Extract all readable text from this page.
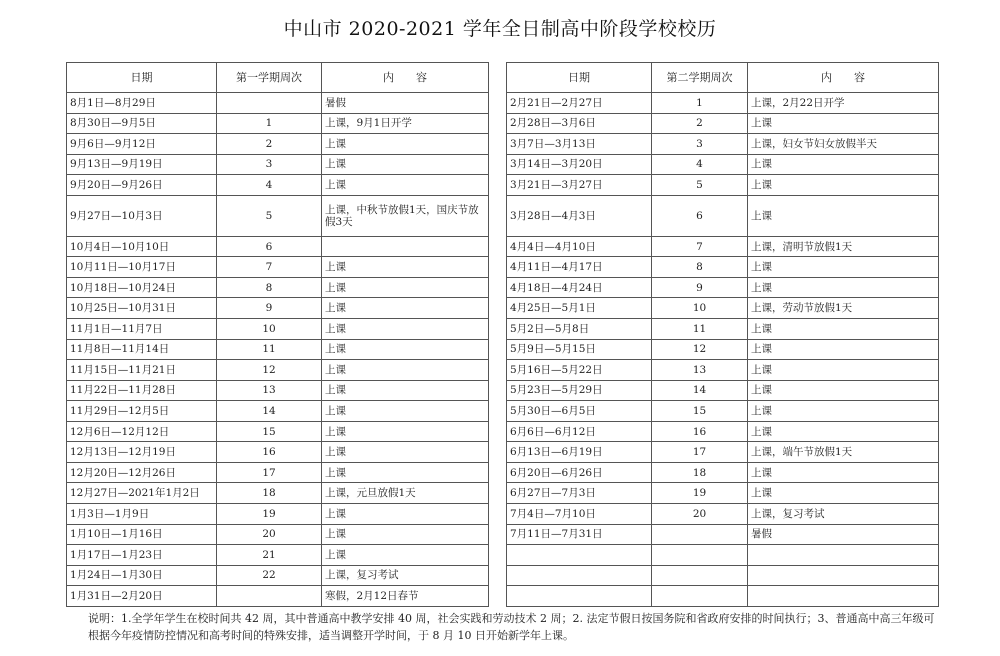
中山市 2020-2021 学年全日制高中阶段学校校历
日期	第一学期周次	内　　容		日期	第二学期周次	内　　容
8月1日—8月29日		暑假		2月21日—2月27日	1	上课，2月22日开学
8月30日—9月5日	1	上课，9月1日开学		2月28日—3月6日	2	上课
9月6日—9月12日	2	上课		3月7日—3月13日	3	上课，妇女节妇女放假半天
9月13日—9月19日	3	上课		3月14日—3月20日	4	上课
9月20日—9月26日	4	上课		3月21日—3月27日	5	上课
9月27日—10月3日	5	上课，中秋节放假1天，国庆节放假3天		3月28日—4月3日	6	上课
10月4日—10月10日	6			4月4日—4月10日	7	上课，清明节放假1天
10月11日—10月17日	7	上课		4月11日—4月17日	8	上课
10月18日—10月24日	8	上课		4月18日—4月24日	9	上课
10月25日—10月31日	9	上课		4月25日—5月1日	10	上课，劳动节放假1天
11月1日—11月7日	10	上课		5月2日—5月8日	11	上课
11月8日—11月14日	11	上课		5月9日—5月15日	12	上课
11月15日—11月21日	12	上课		5月16日—5月22日	13	上课
11月22日—11月28日	13	上课		5月23日—5月29日	14	上课
11月29日—12月5日	14	上课		5月30日—6月5日	15	上课
12月6日—12月12日	15	上课		6月6日—6月12日	16	上课
12月13日—12月19日	16	上课		6月13日—6月19日	17	上课，端午节放假1天
12月20日—12月26日	17	上课		6月20日—6月26日	18	上课
12月27日—2021年1月2日	18	上课，元旦放假1天		6月27日—7月3日	19	上课
1月3日—1月9日	19	上课		7月4日—7月10日	20	上课，复习考试
1月10日—1月16日	20	上课		7月11日—7月31日		暑假
1月17日—1月23日	21	上课				
1月24日—1月30日	22	上课，复习考试				
1月31日—2月20日		寒假，2月12日春节				
说明：1.全学年学生在校时间共 42 周，其中普通高中教学安排 40 周，社会实践和劳动技术 2 周；2. 法定节假日按国务院和省政府安排的时间执行；3、普通高中高三年级可根据今年疫情防控情况和高考时间的特殊安排，适当调整开学时间，于 8 月 10 日开始新学年上课。
